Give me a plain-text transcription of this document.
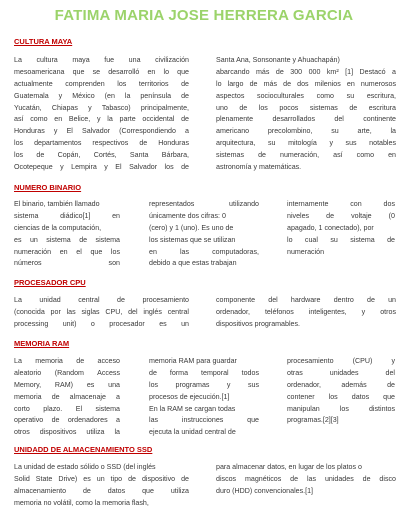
FATIMA MARIA JOSE HERRERA GARCIA
CULTURA MAYA
La cultura maya fue una civilización
mesoamericana que se desarrolló en lo que
actualmente comprenden los territorios de
Guatemala y México (en la península de
Yucatán, Chiapas y Tabasco) principalmente,
así como en Belice, y la parte occidental de
Honduras y El Salvador (Correspondiendo a
los departamentos respectivos de Honduras
los de Copán, Cortés, Santa Bárbara,
Ocotepeque y Lempira y El Salvador los de
Santa Ana, Sonsonante y Ahuachapán)
abarcando más de 300 000 km² [1] Destacó a
lo largo de más de dos milenios en numerosos
aspectos socioculturales como su escritura,
uno de los pocos sistemas de escritura
plenamente desarrollados del continente
americano precolombino, su arte, la
arquitectura, su mitología y sus notables
sistemas de numeración, así como en
astronomía y matemáticas.
NUMERO BINARIO
El binario, también llamado
sistema diádico[1] en
ciencias de la computación,
es un sistema de sistema
numeración en el que los
números son
representados utilizando
únicamente dos cifras: 0
(cero) y 1 (uno). Es uno de
los sistemas que se utilizan
en las computadoras,
debido a que estas trabajan
internamente con dos
niveles de voltaje (0
apagado, 1 conectado), por
lo cual su sistema de
numeración
PROCESADOR CPU
La unidad central de procesamiento
(conocida por las siglas CPU, del inglés central
processing unit) o procesador es un
componente del hardware dentro de un
ordenador, teléfonos inteligentes, y otros
dispositivos programables.
MEMORIA RAM
La memoria de acceso
aleatorio (Random Access
Memory, RAM) es una
memoria de almacenaje a
corto plazo. El sistema
operativo de ordenadores a
otros dispositivos utiliza la
memoria RAM para guardar
de forma temporal todos
los programas y sus
procesos de ejecución.[1]
En la RAM se cargan todas
las instrucciones que
ejecuta la unidad central de
procesamiento (CPU) y
otras unidades del
ordenador, además de
contener los datos que
manipulan los distintos
programas.[2][3]
UNIDADD DE ALMACENAMIENTO SSD
La unidad de estado sólido o SSD (del inglés
Solid State Drive) es un tipo de dispositivo de
almacenamiento de datos que utiliza
memoria no volátil, como la memoria flash,
para almacenar datos, en lugar de los platos o
discos magnéticos de las unidades de disco
duro (HDD) convencionales.[1]
